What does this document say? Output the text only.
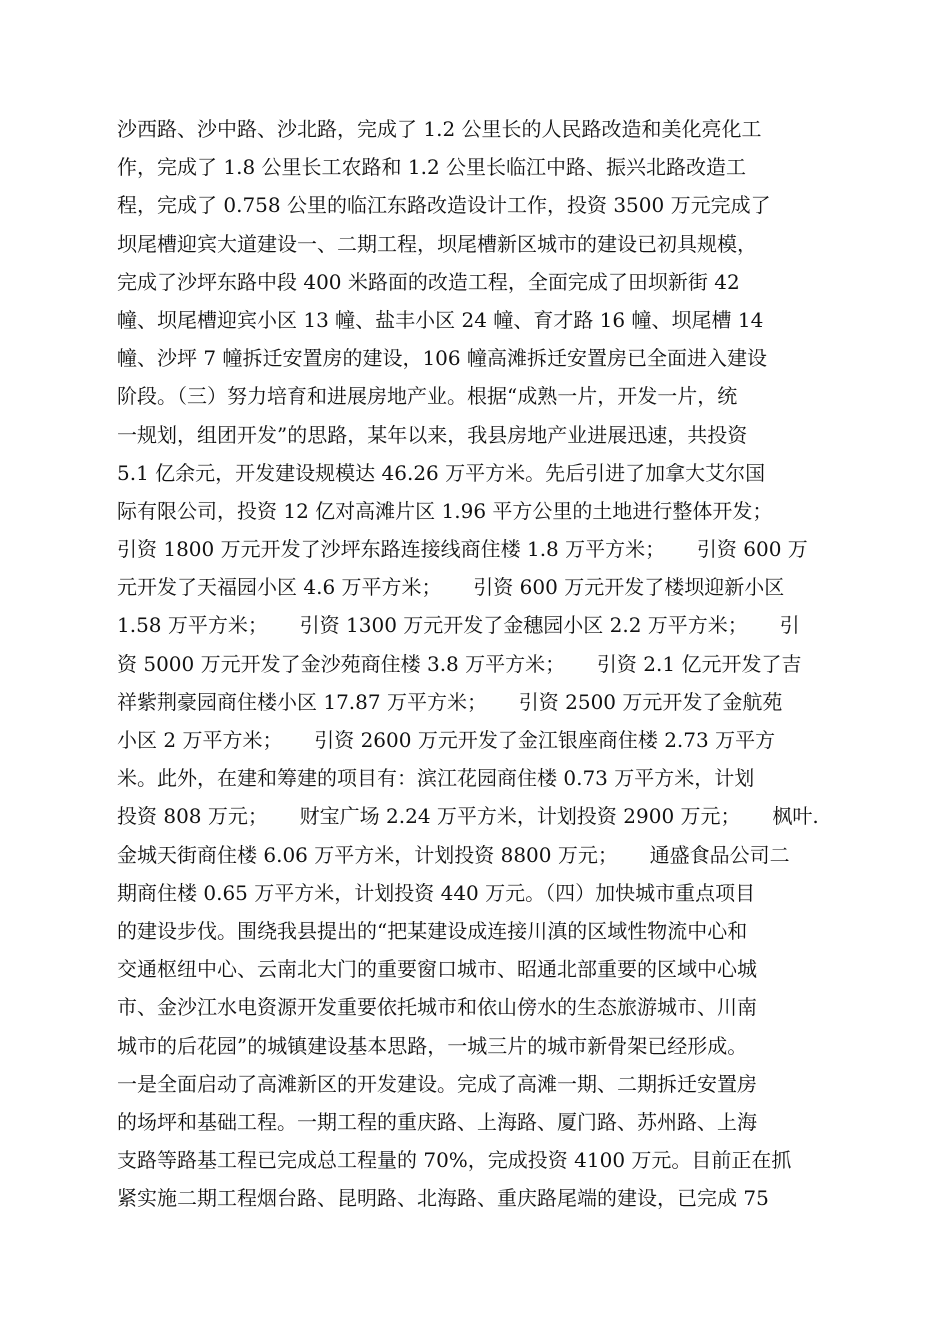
沙西路、沙中路、沙北路，完成了 1.2 公里长的人民路改造和美化亮化工
作，完成了 1.8 公里长工农路和 1.2 公里长临江中路、振兴北路改造工
程，完成了 0.758 公里的临江东路改造设计工作，投资 3500 万元完成了
坝尾槽迎宾大道建设一、二期工程，坝尾槽新区城市的建设已初具规模，
完成了沙坪东路中段 400 米路面的改造工程，全面完成了田坝新街 42
幢、坝尾槽迎宾小区 13 幢、盐丰小区 24 幢、育才路 16 幢、坝尾槽 14
幢、沙坪 7 幢拆迁安置房的建设，106 幢高滩拆迁安置房已全面进入建设
阶段。（三）努力培育和进展房地产业。根据“成熟一片，开发一片，统
一规划，组团开发”的思路，某年以来，我县房地产业进展迅速，共投资
5.1 亿余元，开发建设规模达 46.26 万平方米。先后引进了加拿大艾尔国
际有限公司，投资 12 亿对高滩片区 1.96 平方公里的土地进行整体开发；
引资 1800 万元开发了沙坪东路连接线商住楼 1.8 万平方米；     引资 600 万
元开发了天福园小区 4.6 万平方米；     引资 600 万元开发了楼坝迎新小区
1.58 万平方米；     引资 1300 万元开发了金穗园小区 2.2 万平方米；     引
资 5000 万元开发了金沙苑商住楼 3.8 万平方米；     引资 2.1 亿元开发了吉
祥紫荆豪园商住楼小区 17.87 万平方米；     引资 2500 万元开发了金航苑
小区 2 万平方米；     引资 2600 万元开发了金江银座商住楼 2.73 万平方
米。此外，在建和筹建的项目有：滨江花园商住楼 0.73 万平方米，计划
投资 808 万元；     财宝广场 2.24 万平方米，计划投资 2900 万元；     枫叶.
金城天街商住楼 6.06 万平方米，计划投资 8800 万元；     通盛食品公司二
期商住楼 0.65 万平方米，计划投资 440 万元。（四）加快城市重点项目
的建设步伐。围绕我县提出的“把某建设成连接川滇的区域性物流中心和
交通枢纽中心、云南北大门的重要窗口城市、昭通北部重要的区域中心城
市、金沙江水电资源开发重要依托城市和依山傍水的生态旅游城市、川南
城市的后花园”的城镇建设基本思路，一城三片的城市新骨架已经形成。
一是全面启动了高滩新区的开发建设。完成了高滩一期、二期拆迁安置房
的场坪和基础工程。一期工程的重庆路、上海路、厦门路、苏州路、上海
支路等路基工程已完成总工程量的 70%，完成投资 4100 万元。目前正在抓
紧实施二期工程烟台路、昆明路、北海路、重庆路尾端的建设，已完成 75
